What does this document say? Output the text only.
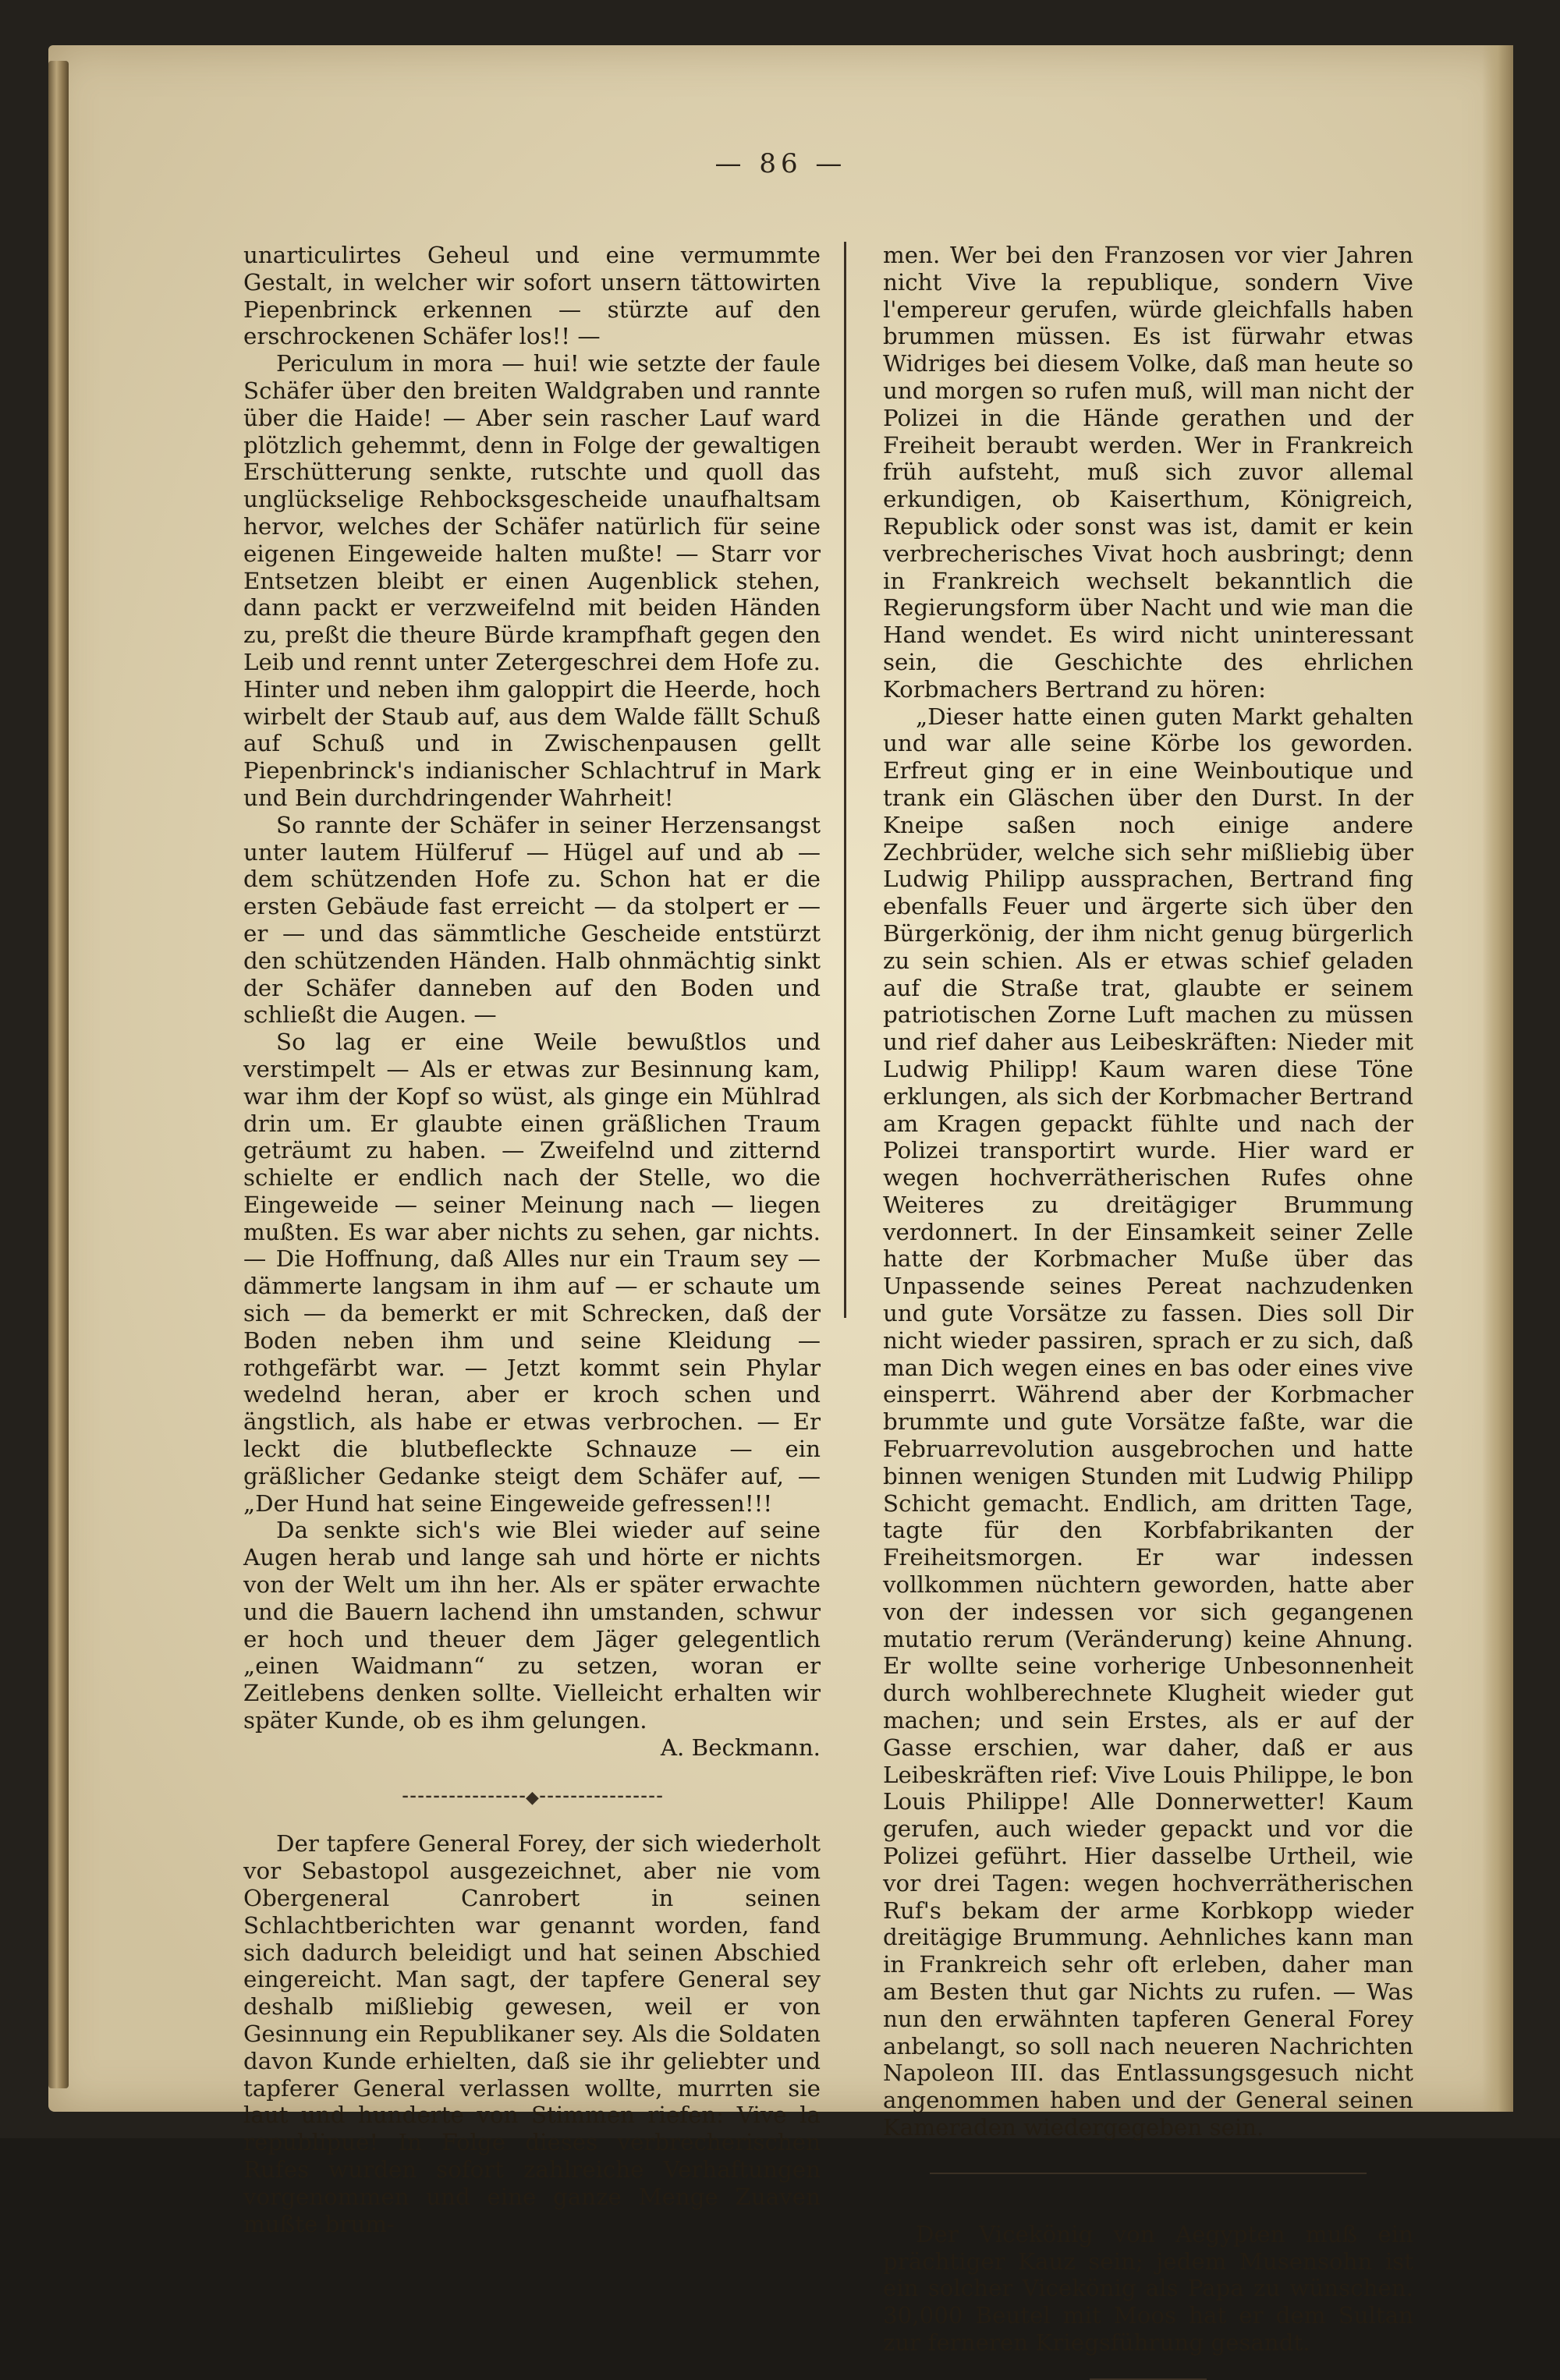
— 86 —

unarticulirtes Geheul und eine vermummte Gestalt, in welcher wir sofort unsern tättowirten Piepenbrinck erkennen — stürzte auf den erschrockenen Schäfer los!! —

Periculum in mora — hui! wie setzte der faule Schäfer über den breiten Waldgraben und rannte über die Haide! — Aber sein rascher Lauf ward plötzlich gehemmt, denn in Folge der gewaltigen Erschütterung senkte, rutschte und quoll das unglückselige Rehbocksgescheide unaufhaltsam hervor, welches der Schäfer natürlich für seine eigenen Eingeweide halten mußte! — Starr vor Entsetzen bleibt er einen Augenblick stehen, dann packt er verzweifelnd mit beiden Händen zu, preßt die theure Bürde krampfhaft gegen den Leib und rennt unter Zetergeschrei dem Hofe zu. Hinter und neben ihm galoppirt die Heerde, hoch wirbelt der Staub auf, aus dem Walde fällt Schuß auf Schuß und in Zwischenpausen gellt Piepenbrinck's indianischer Schlachtruf in Mark und Bein durchdringender Wahrheit!

So rannte der Schäfer in seiner Herzensangst unter lautem Hülferuf — Hügel auf und ab — dem schützenden Hofe zu. Schon hat er die ersten Gebäude fast erreicht — da stolpert er — er — und das sämmtliche Gescheide entstürzt den schützenden Händen. Halb ohnmächtig sinkt der Schäfer danneben auf den Boden und schließt die Augen. —

So lag er eine Weile bewußtlos und verstimpelt — Als er etwas zur Besinnung kam, war ihm der Kopf so wüst, als ginge ein Mühlrad drin um. Er glaubte einen gräßlichen Traum geträumt zu haben. — Zweifelnd und zitternd schielte er endlich nach der Stelle, wo die Eingeweide — seiner Meinung nach — liegen mußten. Es war aber nichts zu sehen, gar nichts. — Die Hoffnung, daß Alles nur ein Traum sey — dämmerte langsam in ihm auf — er schaute um sich — da bemerkt er mit Schrecken, daß der Boden neben ihm und seine Kleidung — rothgefärbt war. — Jetzt kommt sein Phylar wedelnd heran, aber er kroch schen und ängstlich, als habe er etwas verbrochen. — Er leckt die blutbefleckte Schnauze — ein gräßlicher Gedanke steigt dem Schäfer auf, — „Der Hund hat seine Eingeweide gefressen!!!

Da senkte sich's wie Blei wieder auf seine Augen herab und lange sah und hörte er nichts von der Welt um ihn her. Als er später erwachte und die Bauern lachend ihn umstanden, schwur er hoch und theuer dem Jäger gelegentlich „einen Waidmann“ zu setzen, woran er Zeitlebens denken sollte. Vielleicht erhalten wir später Kunde, ob es ihm gelungen.

A. Beckmann.
⁃⁃⁃⁃⁃⁃⁃⁃⁃⁃⁃⁃⁃⁃⁃⁃◆⁃⁃⁃⁃⁃⁃⁃⁃⁃⁃⁃⁃⁃⁃⁃⁃

Der tapfere General Forey, der sich wiederholt vor Sebastopol ausgezeichnet, aber nie vom Obergeneral Canrobert in seinen Schlachtberichten war genannt worden, fand sich dadurch beleidigt und hat seinen Abschied eingereicht. Man sagt, der tapfere General sey deshalb mißliebig gewesen, weil er von Gesinnung ein Republikaner sey. Als die Soldaten davon Kunde erhielten, daß sie ihr geliebter und tapferer General verlassen wollte, murrten sie laut und hunderte von Stimmen riefen: Vive la republipue! In Folge dieses verbrecherischen Rufes wurden sofort zahlreiche Verhaftungen vorgenommen und eine ganze Menge Zuaven mußte brum-

men. Wer bei den Franzosen vor vier Jahren nicht Vive la republique, sondern Vive l'empereur gerufen, würde gleichfalls haben brummen müssen. Es ist fürwahr etwas Widriges bei diesem Volke, daß man heute so und morgen so rufen muß, will man nicht der Polizei in die Hände gerathen und der Freiheit beraubt werden. Wer in Frankreich früh aufsteht, muß sich zuvor allemal erkundigen, ob Kaiserthum, Königreich, Republick oder sonst was ist, damit er kein verbrecherisches Vivat hoch ausbringt; denn in Frankreich wechselt bekanntlich die Regierungsform über Nacht und wie man die Hand wendet. Es wird nicht uninteressant sein, die Geschichte des ehrlichen Korbmachers Bertrand zu hören:

„Dieser hatte einen guten Markt gehalten und war alle seine Körbe los geworden. Erfreut ging er in eine Weinboutique und trank ein Gläschen über den Durst. In der Kneipe saßen noch einige andere Zechbrüder, welche sich sehr mißliebig über Ludwig Philipp aussprachen, Bertrand fing ebenfalls Feuer und ärgerte sich über den Bürgerkönig, der ihm nicht genug bürgerlich zu sein schien. Als er etwas schief geladen auf die Straße trat, glaubte er seinem patriotischen Zorne Luft machen zu müssen und rief daher aus Leibeskräften: Nieder mit Ludwig Philipp! Kaum waren diese Töne erklungen, als sich der Korbmacher Bertrand am Kragen gepackt fühlte und nach der Polizei transportirt wurde. Hier ward er wegen hochverrätherischen Rufes ohne Weiteres zu dreitägiger Brummung verdonnert. In der Einsamkeit seiner Zelle hatte der Korbmacher Muße über das Unpassende seines Pereat nachzudenken und gute Vorsätze zu fassen. Dies soll Dir nicht wieder passiren, sprach er zu sich, daß man Dich wegen eines en bas oder eines vive einsperrt. Während aber der Korbmacher brummte und gute Vorsätze faßte, war die Februarrevolution ausgebrochen und hatte binnen wenigen Stunden mit Ludwig Philipp Schicht gemacht. Endlich, am dritten Tage, tagte für den Korbfabrikanten der Freiheitsmorgen. Er war indessen vollkommen nüchtern geworden, hatte aber von der indessen vor sich gegangenen mutatio rerum (Veränderung) keine Ahnung. Er wollte seine vorherige Unbesonnenheit durch wohlberechnete Klugheit wieder gut machen; und sein Erstes, als er auf der Gasse erschien, war daher, daß er aus Leibeskräften rief: Vive Louis Philippe, le bon Louis Philippe! Alle Donnerwetter! Kaum gerufen, auch wieder gepackt und vor die Polizei geführt. Hier dasselbe Urtheil, wie vor drei Tagen: wegen hochverrätherischen Ruf's bekam der arme Korbkopp wieder dreitägige Brummung. Aehnliches kann man in Frankreich sehr oft erleben, daher man am Besten thut gar Nichts zu rufen. — Was nun den erwähnten tapferen General Forey anbelangt, so soll nach neueren Nachrichten Napoleon III. das Entlassungsgesuch nicht angenommen haben und der General seinen Kameraden wiedergegeben sein.

Der Vicekönig von Aegypten muß ein prächtiger Kauz sein; jedem Musensohn ist ein solcher Vicekönig als Papa zu wünschen. 30,000 Beutel mit Moos hat er dem Sultan zur ferneren Kriegsführung gesandt.
